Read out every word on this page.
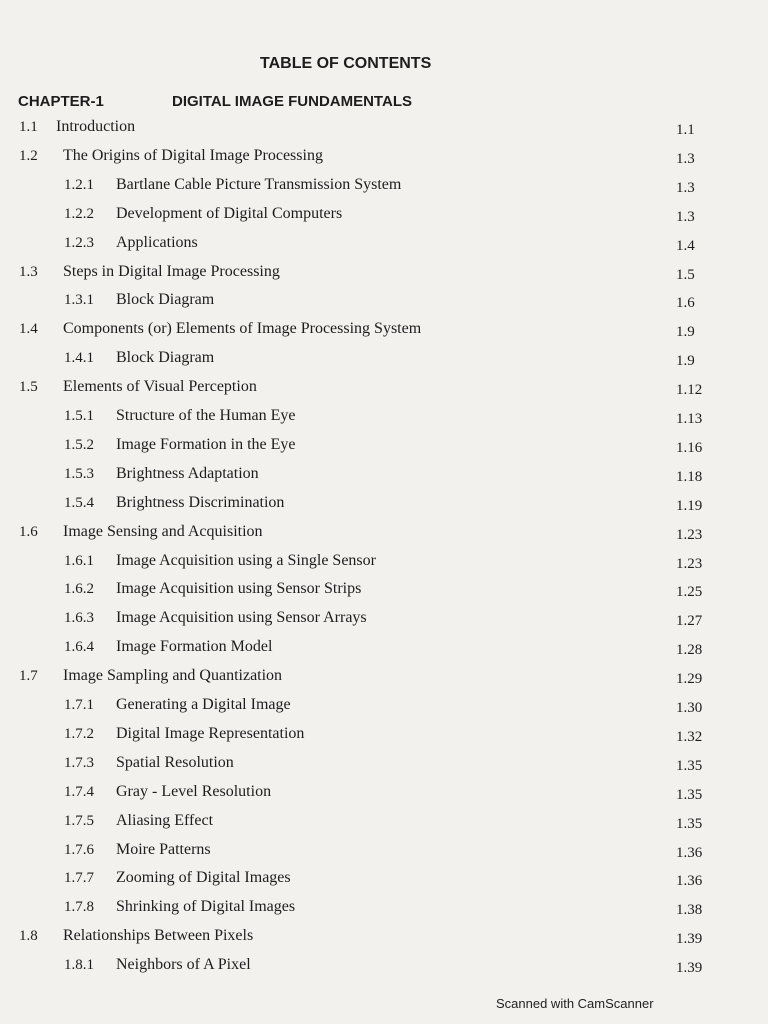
TABLE OF CONTENTS
CHAPTER-1	DIGITAL IMAGE FUNDAMENTALS
1.1 Introduction	1.1
1.2 The Origins of Digital Image Processing	1.3
1.2.1 Bartlane Cable Picture Transmission System	1.3
1.2.2 Development of Digital Computers	1.3
1.2.3 Applications	1.4
1.3 Steps in Digital Image Processing	1.5
1.3.1 Block Diagram	1.6
1.4 Components (or) Elements of Image Processing System	1.9
1.4.1 Block Diagram	1.9
1.5 Elements of Visual Perception	1.12
1.5.1 Structure of the Human Eye	1.13
1.5.2 Image Formation in the Eye	1.16
1.5.3 Brightness Adaptation	1.18
1.5.4 Brightness Discrimination	1.19
1.6 Image Sensing and Acquisition	1.23
1.6.1 Image Acquisition using a Single Sensor	1.23
1.6.2 Image Acquisition using Sensor Strips	1.25
1.6.3 Image Acquisition using Sensor Arrays	1.27
1.6.4 Image Formation Model	1.28
1.7 Image Sampling and Quantization	1.29
1.7.1 Generating a Digital Image	1.30
1.7.2 Digital Image Representation	1.32
1.7.3 Spatial Resolution	1.35
1.7.4 Gray - Level Resolution	1.35
1.7.5 Aliasing Effect	1.35
1.7.6 Moire Patterns	1.36
1.7.7 Zooming of Digital Images	1.36
1.7.8 Shrinking of Digital Images	1.38
1.8 Relationships Between Pixels	1.39
1.8.1 Neighbors of A Pixel	1.39
Scanned with CamScanner
